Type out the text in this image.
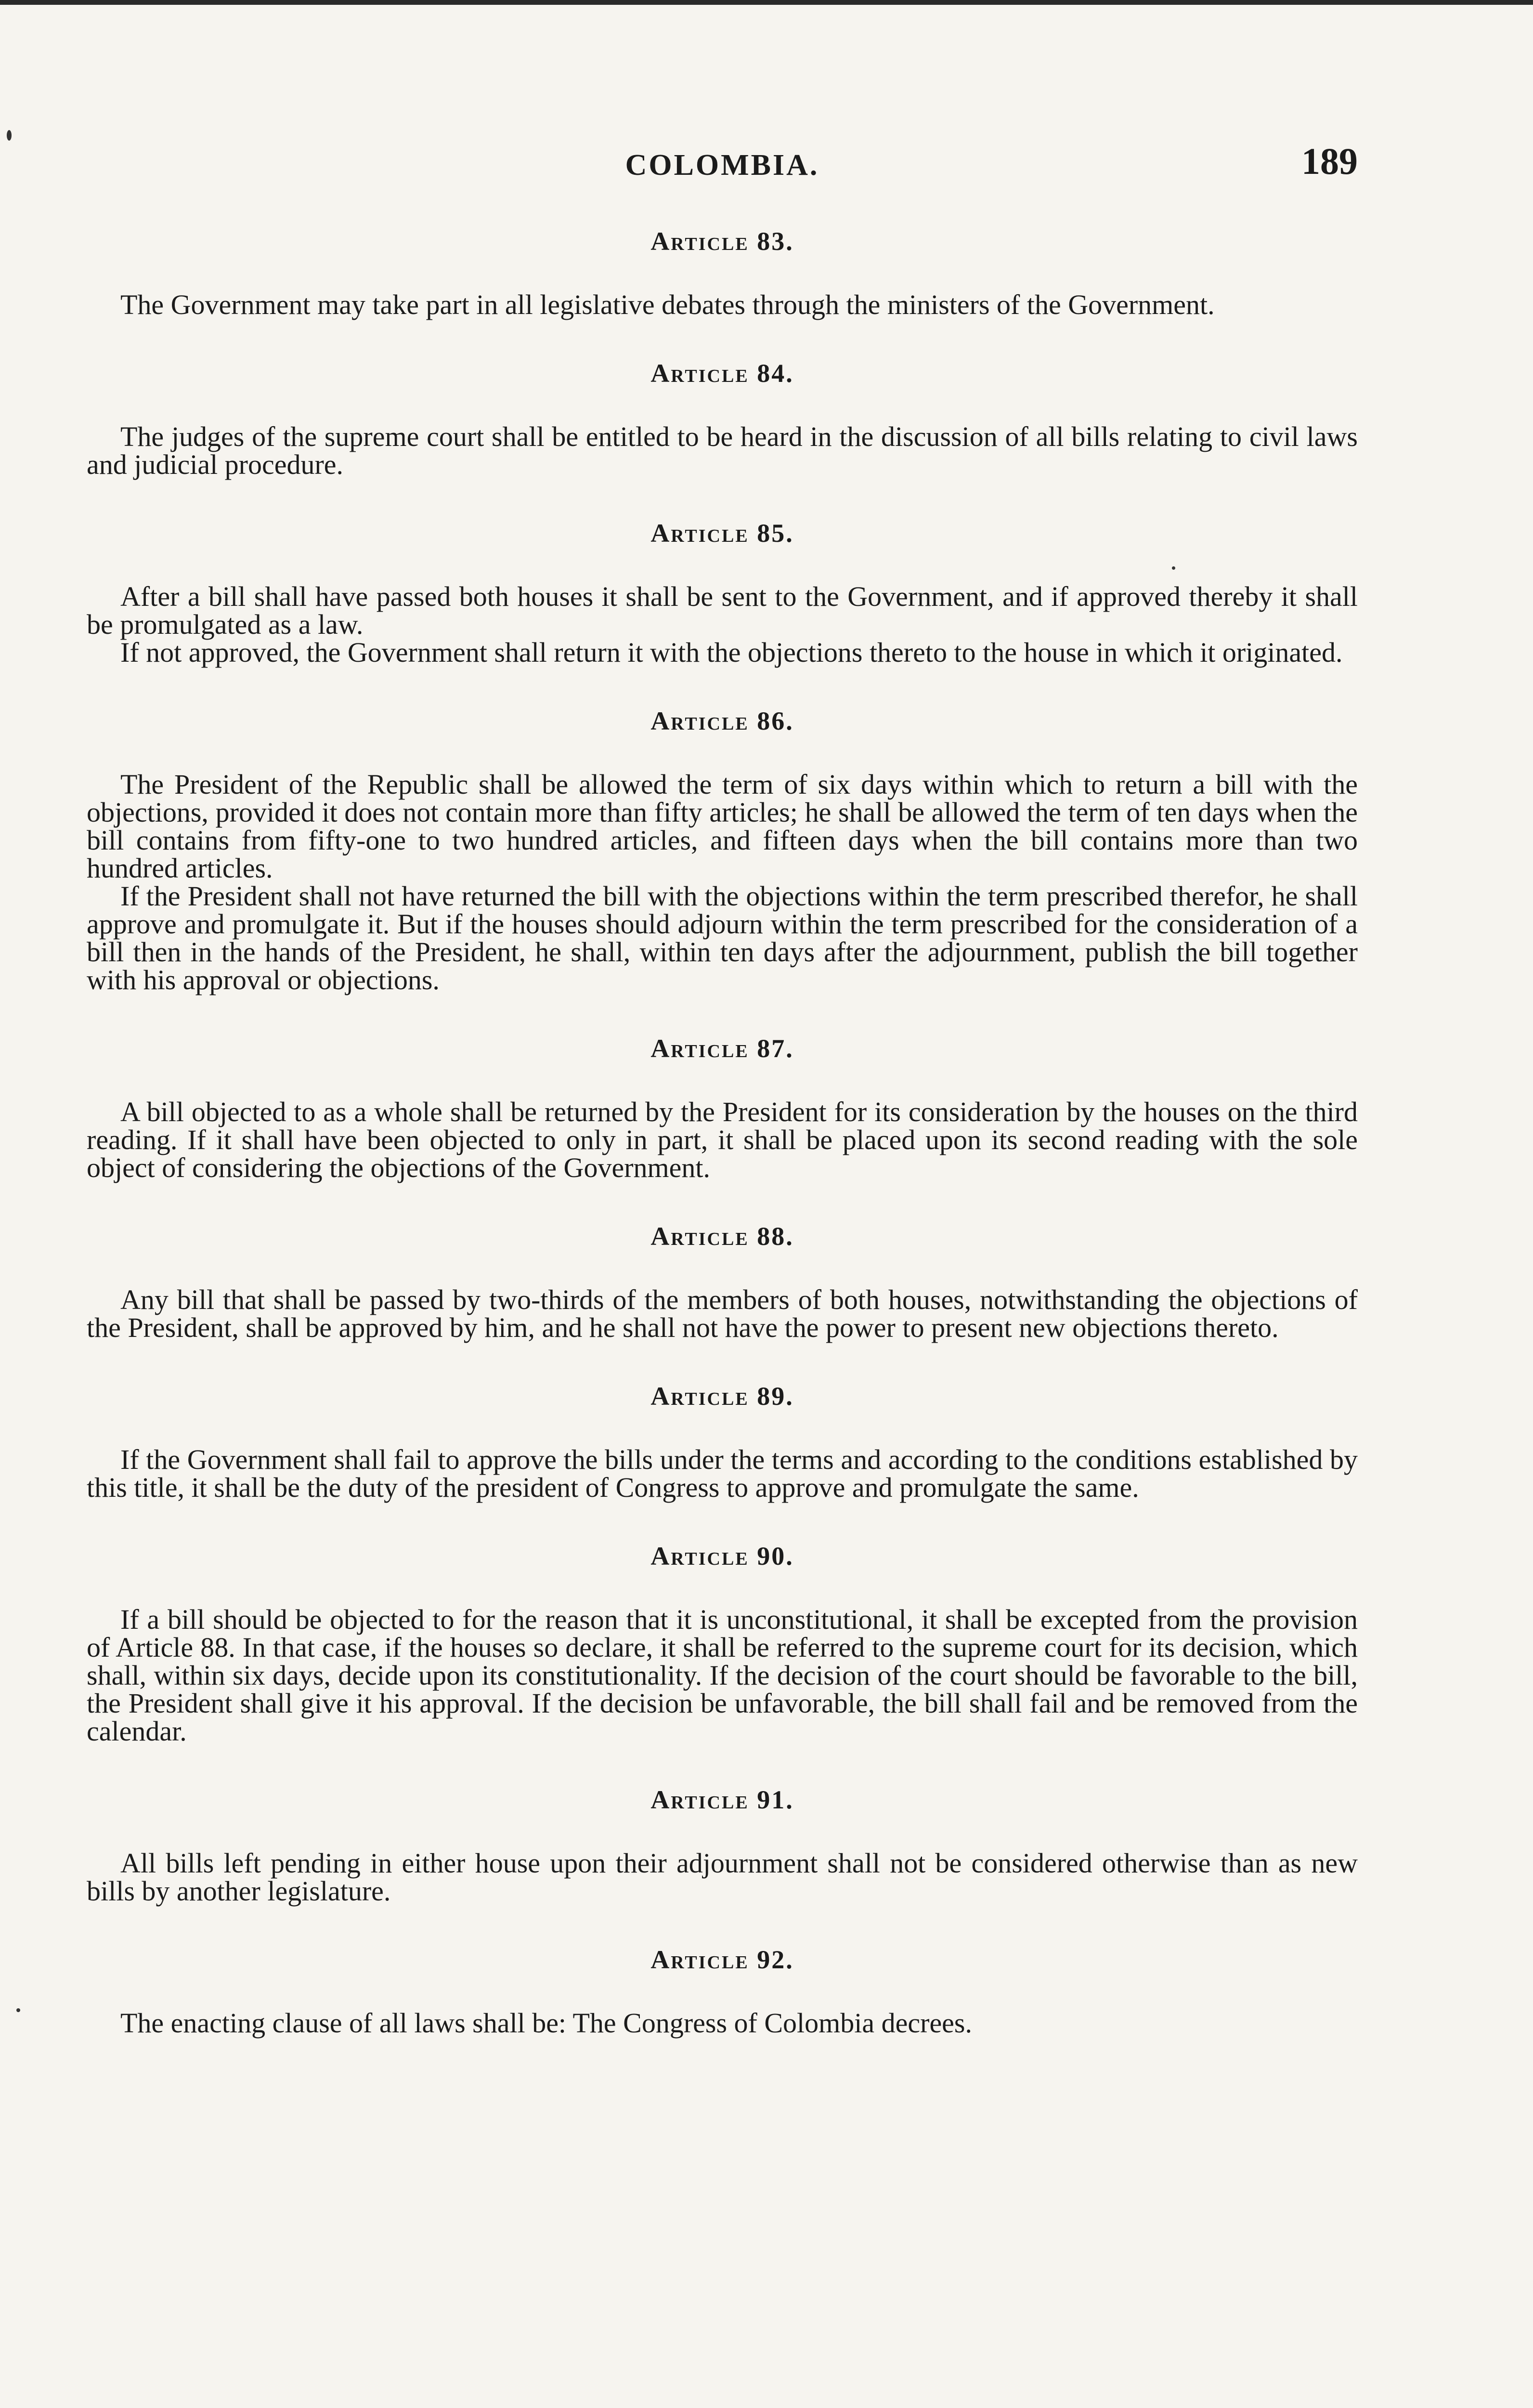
COLOMBIA.	189
Article 83.

The Government may take part in all legislative debates through the ministers of the Government.

Article 84.

The judges of the supreme court shall be entitled to be heard in the discussion of all bills relating to civil laws and judicial procedure.

Article 85.

After a bill shall have passed both houses it shall be sent to the Government, and if approved thereby it shall be promulgated as a law.

If not approved, the Government shall return it with the objections thereto to the house in which it originated.

Article 86.

The President of the Republic shall be allowed the term of six days within which to return a bill with the objections, provided it does not contain more than fifty articles; he shall be allowed the term of ten days when the bill contains from fifty-one to two hundred articles, and fifteen days when the bill contains more than two hundred articles.

If the President shall not have returned the bill with the objections within the term prescribed therefor, he shall approve and promulgate it. But if the houses should adjourn within the term prescribed for the consideration of a bill then in the hands of the President, he shall, within ten days after the adjournment, publish the bill together with his approval or objections.

Article 87.

A bill objected to as a whole shall be returned by the President for its consideration by the houses on the third reading. If it shall have been objected to only in part, it shall be placed upon its second reading with the sole object of considering the objections of the Government.

Article 88.

Any bill that shall be passed by two-thirds of the members of both houses, notwithstanding the objections of the President, shall be approved by him, and he shall not have the power to present new objections thereto.

Article 89.

If the Government shall fail to approve the bills under the terms and according to the conditions established by this title, it shall be the duty of the president of Congress to approve and promulgate the same.

Article 90.

If a bill should be objected to for the reason that it is unconstitutional, it shall be excepted from the provision of Article 88. In that case, if the houses so declare, it shall be referred to the supreme court for its decision, which shall, within six days, decide upon its constitutionality. If the decision of the court should be favorable to the bill, the President shall give it his approval. If the decision be unfavorable, the bill shall fail and be removed from the calendar.

Article 91.

All bills left pending in either house upon their adjournment shall not be considered otherwise than as new bills by another legislature.

Article 92.

The enacting clause of all laws shall be: The Congress of Colombia decrees.
